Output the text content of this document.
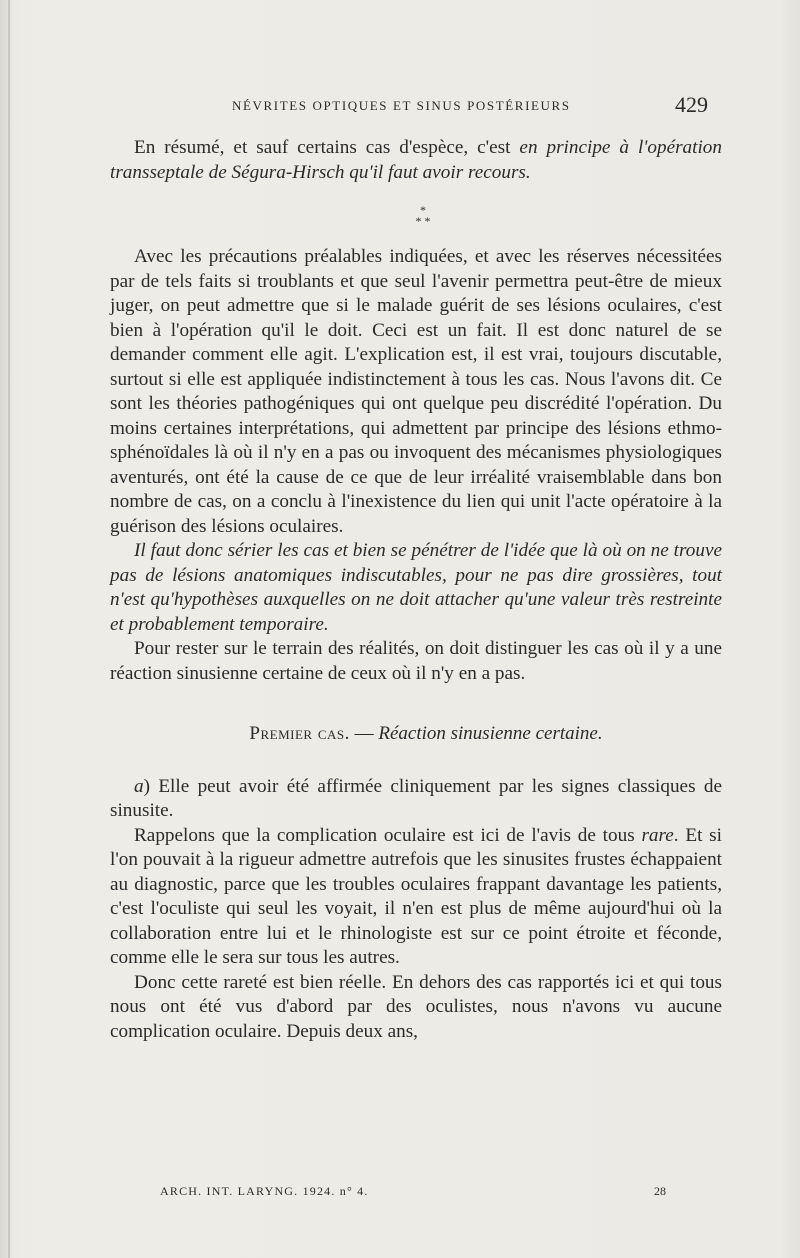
NÉVRITES OPTIQUES ET SINUS POSTÉRIEURS	429

En résumé, et sauf certains cas d'espèce, c'est en principe à l'opération transseptale de Ségura-Hirsch qu'il faut avoir recours.

*
* *

Avec les précautions préalables indiquées, et avec les réserves nécessitées par de tels faits si troublants et que seul l'avenir permettra peut-être de mieux juger, on peut admettre que si le malade guérit de ses lésions oculaires, c'est bien à l'opération qu'il le doit. Ceci est un fait. Il est donc naturel de se demander comment elle agit. L'explication est, il est vrai, toujours discutable, surtout si elle est appliquée indistinctement à tous les cas. Nous l'avons dit. Ce sont les théories pathogéniques qui ont quelque peu discrédité l'opération. Du moins certaines interprétations, qui admettent par principe des lésions ethmo-sphénoïdales là où il n'y en a pas ou invoquent des mécanismes physiologiques aventurés, ont été la cause de ce que de leur irréalité vraisemblable dans bon nombre de cas, on a conclu à l'inexistence du lien qui unit l'acte opératoire à la guérison des lésions oculaires.

Il faut donc sérier les cas et bien se pénétrer de l'idée que là où on ne trouve pas de lésions anatomiques indiscutables, pour ne pas dire grossières, tout n'est qu'hypothèses auxquelles on ne doit attacher qu'une valeur très restreinte et probablement temporaire.

Pour rester sur le terrain des réalités, on doit distinguer les cas où il y a une réaction sinusienne certaine de ceux où il n'y en a pas.

Premier cas. — Réaction sinusienne certaine.

a) Elle peut avoir été affirmée cliniquement par les signes classiques de sinusite.

Rappelons que la complication oculaire est ici de l'avis de tous rare. Et si l'on pouvait à la rigueur admettre autrefois que les sinusites frustes échappaient au diagnostic, parce que les troubles oculaires frappant davantage les patients, c'est l'oculiste qui seul les voyait, il n'en est plus de même aujourd'hui où la collaboration entre lui et le rhinologiste est sur ce point étroite et féconde, comme elle le sera sur tous les autres.

Donc cette rareté est bien réelle. En dehors des cas rapportés ici et qui tous nous ont été vus d'abord par des oculistes, nous n'avons vu aucune complication oculaire. Depuis deux ans,

ARCH. INT. LARYNG. 1924. n° 4.	28
